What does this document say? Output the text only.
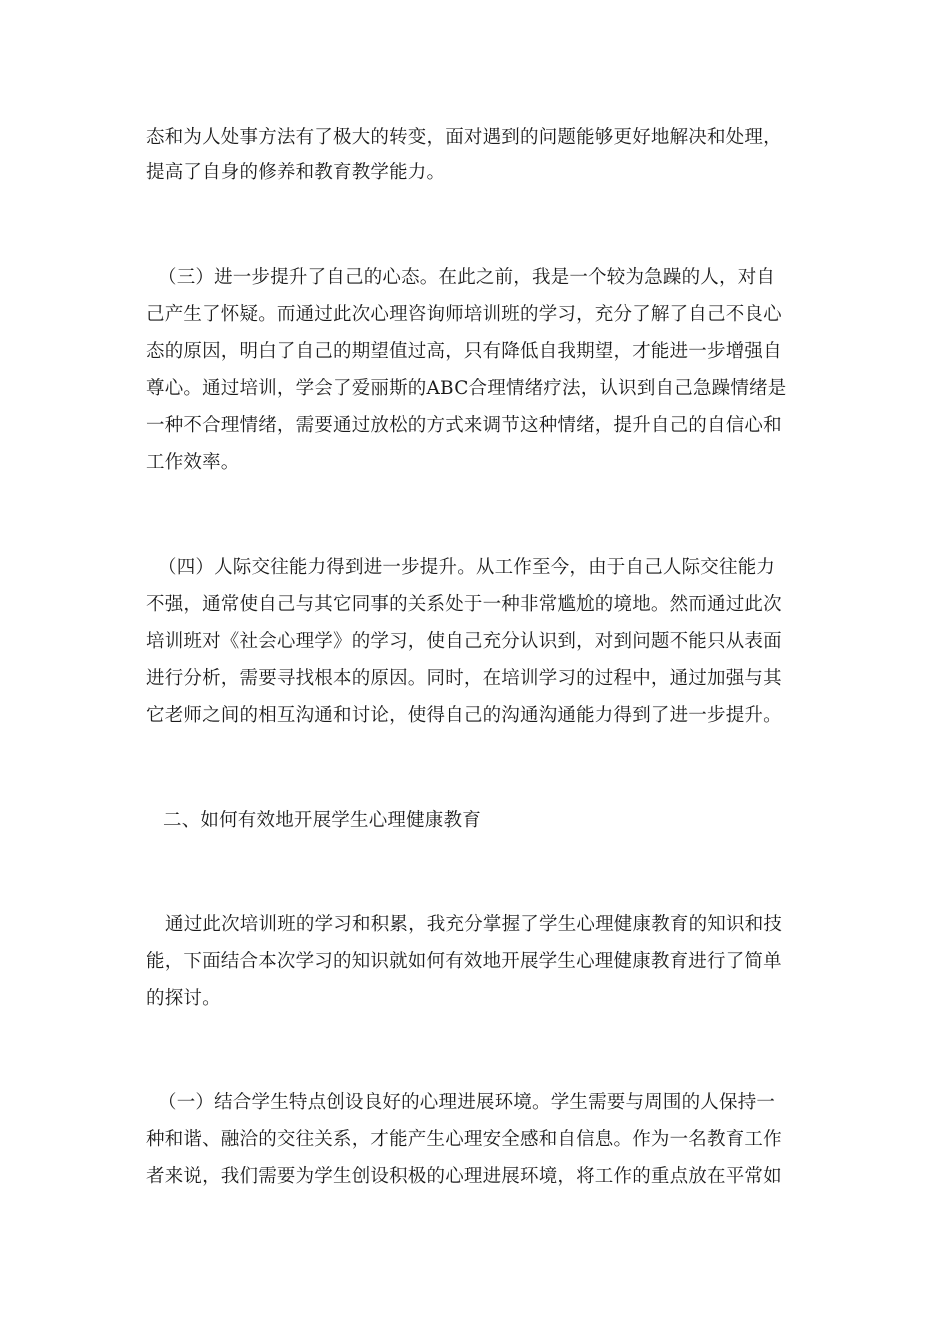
态和为人处事方法有了极大的转变，面对遇到的问题能够更好地解决和处理，
提高了自身的修养和教育教学能力。
（三）进一步提升了自己的心态。在此之前，我是一个较为急躁的人，对自
己产生了怀疑。而通过此次心理咨询师培训班的学习，充分了解了自己不良心
态的原因，明白了自己的期望值过高，只有降低自我期望，才能进一步增强自
尊心。通过培训，学会了爱丽斯的ABC合理情绪疗法，认识到自己急躁情绪是
一种不合理情绪，需要通过放松的方式来调节这种情绪，提升自己的自信心和
工作效率。
（四）人际交往能力得到进一步提升。从工作至今，由于自己人际交往能力
不强，通常使自己与其它同事的关系处于一种非常尴尬的境地。然而通过此次
培训班对《社会心理学》的学习，使自己充分认识到，对到问题不能只从表面
进行分析，需要寻找根本的原因。同时，在培训学习的过程中，通过加强与其
它老师之间的相互沟通和讨论，使得自己的沟通沟通能力得到了进一步提升。
二、如何有效地开展学生心理健康教育
通过此次培训班的学习和积累，我充分掌握了学生心理健康教育的知识和技
能，下面结合本次学习的知识就如何有效地开展学生心理健康教育进行了简单
的探讨。
（一）结合学生特点创设良好的心理进展环境。学生需要与周围的人保持一
种和谐、融洽的交往关系，才能产生心理安全感和自信息。作为一名教育工作
者来说，我们需要为学生创设积极的心理进展环境，将工作的重点放在平常如
